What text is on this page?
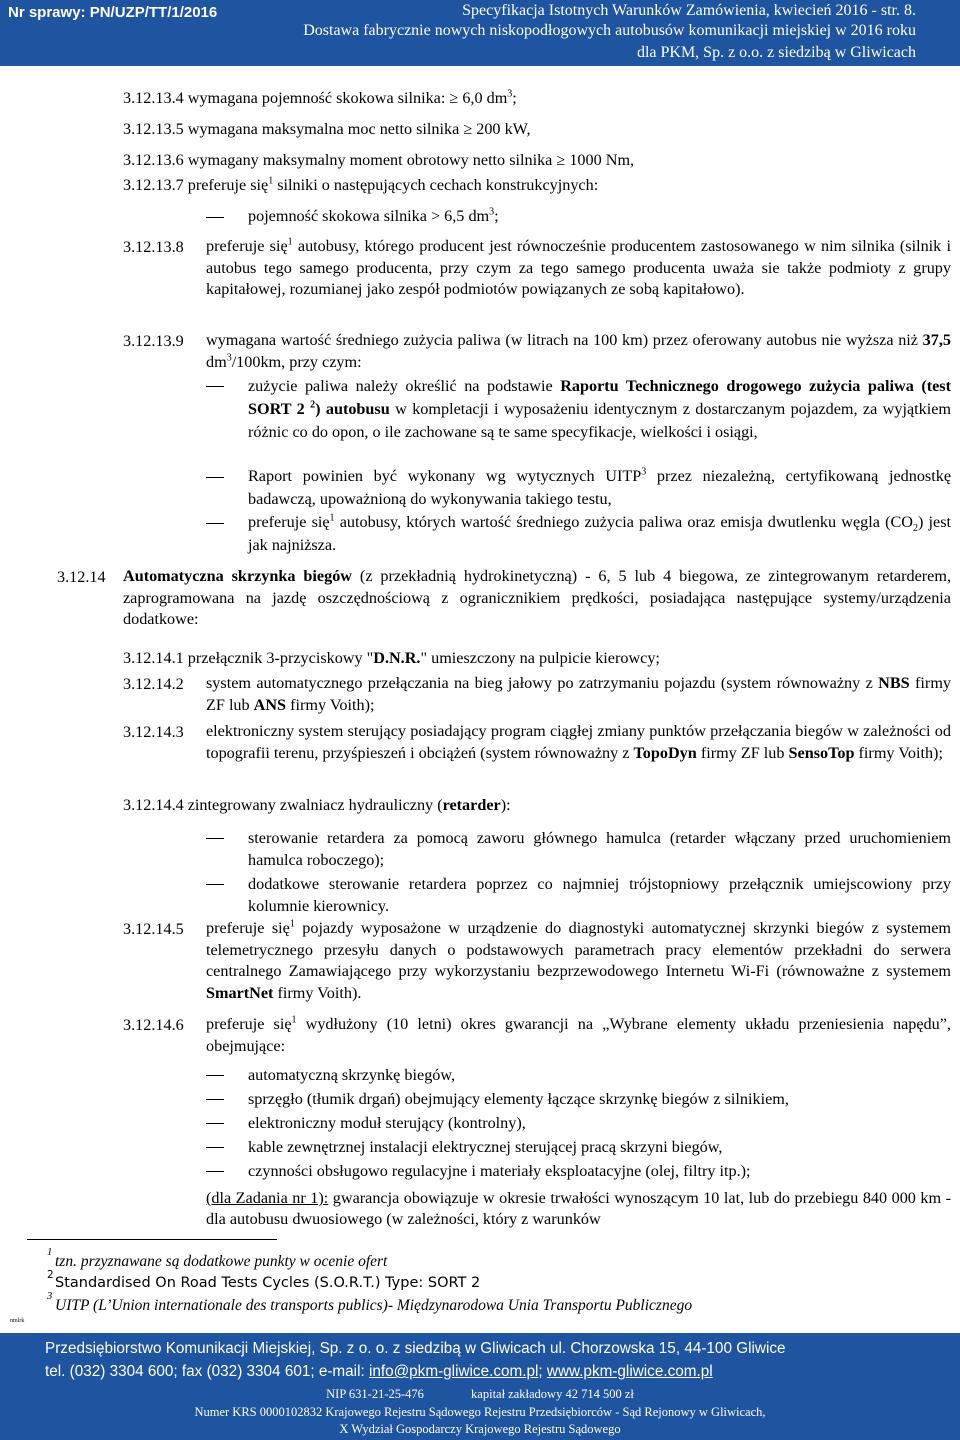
Nr sprawy: PN/UZP/TT/1/2016	Specyfikacja Istotnych Warunków Zamówienia, kwiecień 2016 - str. 8.
Dostawa fabrycznie nowych niskopodłogowych autobusów komunikacji miejskiej w 2016 roku
dla PKM, Sp. z o.o. z siedzibą w Gliwicach
3.12.13.4 wymagana pojemność skokowa silnika: ≥ 6,0 $dm^3$;
3.12.13.5 wymagana maksymalna moc netto silnika ≥ 200 kW,
3.12.13.6 wymagany maksymalny moment obrotowy netto silnika ≥ 1000 Nm,
3.12.13.7 preferuje się$^1$ silniki o następujących cechach konstrukcyjnych:
pojemność skokowa silnika > 6,5 $dm^3$;
3.12.13.8 preferuje się$^1$ autobusy, którego producent jest równocześnie producentem zastosowanego w nim silnika (silnik i autobus tego samego producenta, przy czym za tego samego producenta uważa sie także podmioty z grupy kapitałowej, rozumianej jako zespół podmiotów powiązanych ze sobą kapitałowo).
3.12.13.9 wymagana wartość średniego zużycia paliwa (w litrach na 100 km) przez oferowany autobus nie wyższa niż 37,5 $dm^3/100km$, przy czym:
zużycie paliwa należy określić na podstawie Raportu Technicznego drogowego zużycia paliwa (test SORT 2 $^2$) autobusu w kompletacji i wyposażeniu identycznym z dostarczanym pojazdem, za wyjątkiem różnic co do opon, o ile zachowane są te same specyfikacje, wielkości i osiągi,
Raport powinien być wykonany wg wytycznych UITP$^3$ przez niezależną, certyfikowaną jednostkę badawczą, upoważnioną do wykonywania takiego testu,
preferuje się$^1$ autobusy, których wartość średniego zużycia paliwa oraz emisja dwutlenku węgla $(CO_2)$ jest jak najniższa.
3.12.14 Automatyczna skrzynka biegów (z przekładnią hydrokinetyczną) - 6, 5 lub 4 biegowa, ze zintegrowanym retarderem, zaprogramowana na jazdę oszczędnościową z ogranicznikiem prędkości, posiadająca następujące systemy/urządzenia dodatkowe:
3.12.14.1 przełącznik 3-przyciskowy "D.N.R." umieszczony na pulpicie kierowcy;
3.12.14.2 system automatycznego przełączania na bieg jałowy po zatrzymaniu pojazdu (system równoważny z NBS firmy ZF lub ANS firmy Voith);
3.12.14.3 elektroniczny system sterujący posiadający program ciągłej zmiany punktów przełączania biegów w zależności od topografii terenu, przyśpieszeń i obciążeń (system równoważny z TopoDyn firmy ZF lub SensoTop firmy Voith);
3.12.14.4 zintegrowany zwalniacz hydrauliczny (retarder):
sterowanie retardera za pomocą zaworu głównego hamulca (retarder włączany przed uruchomieniem hamulca roboczego);
dodatkowe sterowanie retardera poprzez co najmniej trójstopniowy przełącznik umiejscowiony przy kolumnie kierownicy.
3.12.14.5 preferuje się$^1$ pojazdy wyposażone w urządzenie do diagnostyki automatycznej skrzynki biegów z systemem telemetrycznego przesyłu danych o podstawowych parametrach pracy elementów przekładni do serwera centralnego Zamawiającego przy wykorzystaniu bezprzewodowego Internetu Wi-Fi (równoważne z systemem SmartNet firmy Voith).
3.12.14.6 preferuje się$^1$ wydłużony (10 letni) okres gwarancji na „Wybrane elementy układu przeniesienia napędu”, obejmujące:
automatyczną skrzynkę biegów,
sprzęgło (tłumik drgań) obejmujący elementy łączące skrzynkę biegów z silnikiem,
elektroniczny moduł sterujący (kontrolny),
kable zewnętrznej instalacji elektrycznej sterującej pracą skrzyni biegów,
czynności obsługowo regulacyjne i materiały eksploatacyjne (olej, filtry itp.);
(dla Zadania nr 1): gwarancja obowiązuje w okresie trwałości wynoszącym 10 lat, lub do przebiegu 840 000 km - dla autobusu dwuosiowego (w zależności, który z warunków
1
tzn. przyznawane są dodatkowe punkty w ocenie ofert
2 Standardised On Road Tests Cycles (S.O.R.T.) Type: SORT 2
3
UITP (L’Union internationale des transports publics)- Międzynarodowa Unia Transportu Publicznego
nmlrk
Przedsiębiorstwo Komunikacji Miejskiej, Sp. z o. o. z siedzibą w Gliwicach ul. Chorzowska 15, 44-100 Gliwice
tel. (032) 3304 600; fax (032) 3304 601; e-mail: info@pkm-gliwice.com.pl; www.pkm-gliwice.com.pl
NIP 631-21-25-476	kapitał zakładowy 42 714 500 zł
Numer KRS 0000102832 Krajowego Rejestru Sądowego Rejestru Przedsiębiorców - Sąd Rejonowy w Gliwicach,
X Wydział Gospodarczy Krajowego Rejestru Sądowego
